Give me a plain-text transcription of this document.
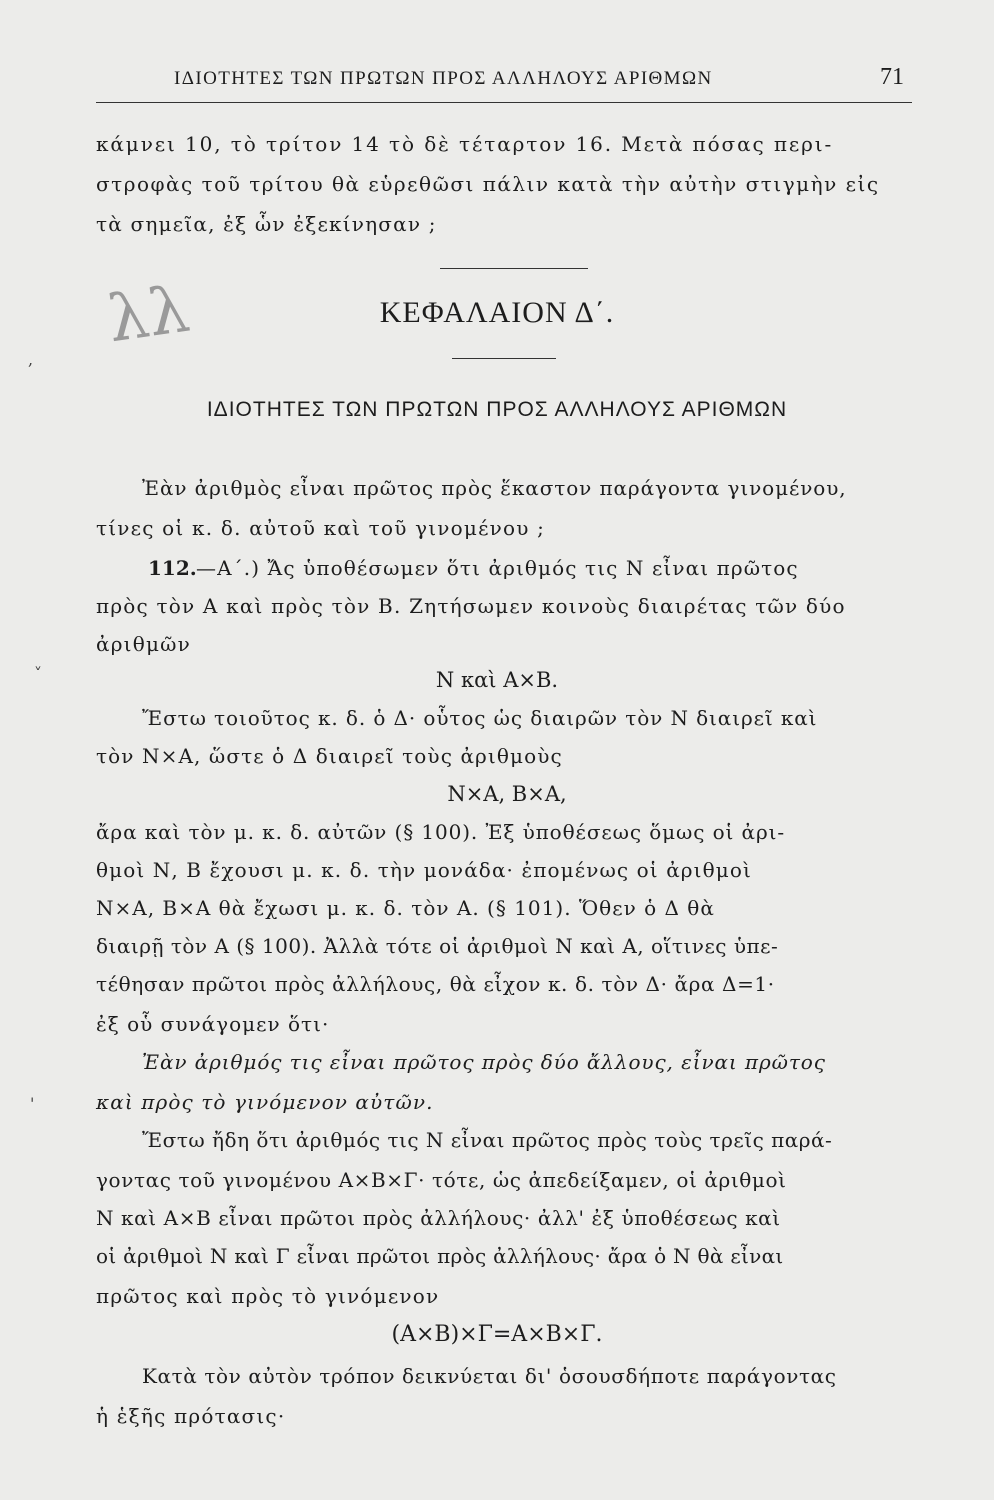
ΙΔΙΟΤΗΤΕΣ ΤΩΝ ΠΡΩΤΩΝ ΠΡΟΣ ΑΛΛΗΛΟΥΣ ΑΡΙΘΜΩΝ	71
κάμνει 10, τὸ τρίτον 14 τὸ δὲ τέταρτον 16. Μετὰ πόσας περι-
στροφὰς τοῦ τρίτου θὰ εὑρεθῶσι πάλιν κατὰ τὴν αὐτὴν στιγμὴν εἰς
τὰ σημεῖα, ἐξ ὧν ἐξεκίνησαν ;
λλ	ΚΕΦΑΛΑΙΟΝ Δ΄.
ΙΔΙΟΤΗΤΕΣ ΤΩΝ ΠΡΩΤΩΝ ΠΡΟΣ ΑΛΛΗΛΟΥΣ ΑΡΙΘΜΩΝ
Ἐὰν ἀριθμὸς εἶναι πρῶτος πρὸς ἕκαστον παράγοντα γινομένου,
τίνες οἱ κ. δ. αὐτοῦ καὶ τοῦ γινομένου ;
112. —Α΄.) Ἄς ὑποθέσωμεν ὅτι ἀριθμός τις Ν εἶναι πρῶτος
πρὸς τὸν Α καὶ πρὸς τὸν Β. Ζητήσωμεν κοινοὺς διαιρέτας τῶν δύο
ἀριθμῶν
Ν καὶ Α×Β.
Ἔστω τοιοῦτος κ. δ. ὁ Δ· οὗτος ὡς διαιρῶν τὸν Ν διαιρεῖ καὶ
τὸν Ν×Α, ὥστε ὁ Δ διαιρεῖ τοὺς ἀριθμοὺς
Ν×Α, Β×Α,
ἄρα καὶ τὸν μ. κ. δ. αὐτῶν (§ 100). Ἐξ ὑποθέσεως ὅμως οἱ ἀρι-
θμοὶ Ν, Β ἔχουσι μ. κ. δ. τὴν μονάδα· ἐπομένως οἱ ἀριθμοὶ
Ν×Α, Β×Α θὰ ἔχωσι μ. κ. δ. τὸν Α. (§ 101). Ὅθεν ὁ Δ θὰ
διαιρῇ τὸν Α (§ 100). Ἀλλὰ τότε οἱ ἀριθμοὶ Ν καὶ Α, οἵτινες ὑπε-
τέθησαν πρῶτοι πρὸς ἀλλήλους, θὰ εἶχον κ. δ. τὸν Δ· ἄρα Δ=1·
ἐξ οὗ συνάγομεν ὅτι·
Ἐὰν ἀριθμός τις εἶναι πρῶτος πρὸς δύο ἄλλους, εἶναι πρῶτος
καὶ πρὸς τὸ γινόμενον αὐτῶν.
Ἔστω ἤδη ὅτι ἀριθμός τις Ν εἶναι πρῶτος πρὸς τοὺς τρεῖς παρά-
γοντας τοῦ γινομένου Α×Β×Γ· τότε, ὡς ἀπεδείξαμεν, οἱ ἀριθμοὶ
Ν καὶ Α×Β εἶναι πρῶτοι πρὸς ἀλλήλους· ἀλλ' ἐξ ὑποθέσεως καὶ
οἱ ἀριθμοὶ Ν καὶ Γ εἶναι πρῶτοι πρὸς ἀλλήλους· ἄρα ὁ Ν θὰ εἶναι
πρῶτος καὶ πρὸς τὸ γινόμενον
(Α×Β)×Γ=Α×Β×Γ.
Κατὰ τὸν αὐτὸν τρόπον δεικνύεται δι' ὁσουσδήποτε παράγοντας
ἡ ἑξῆς πρότασις·
,
˅
'
